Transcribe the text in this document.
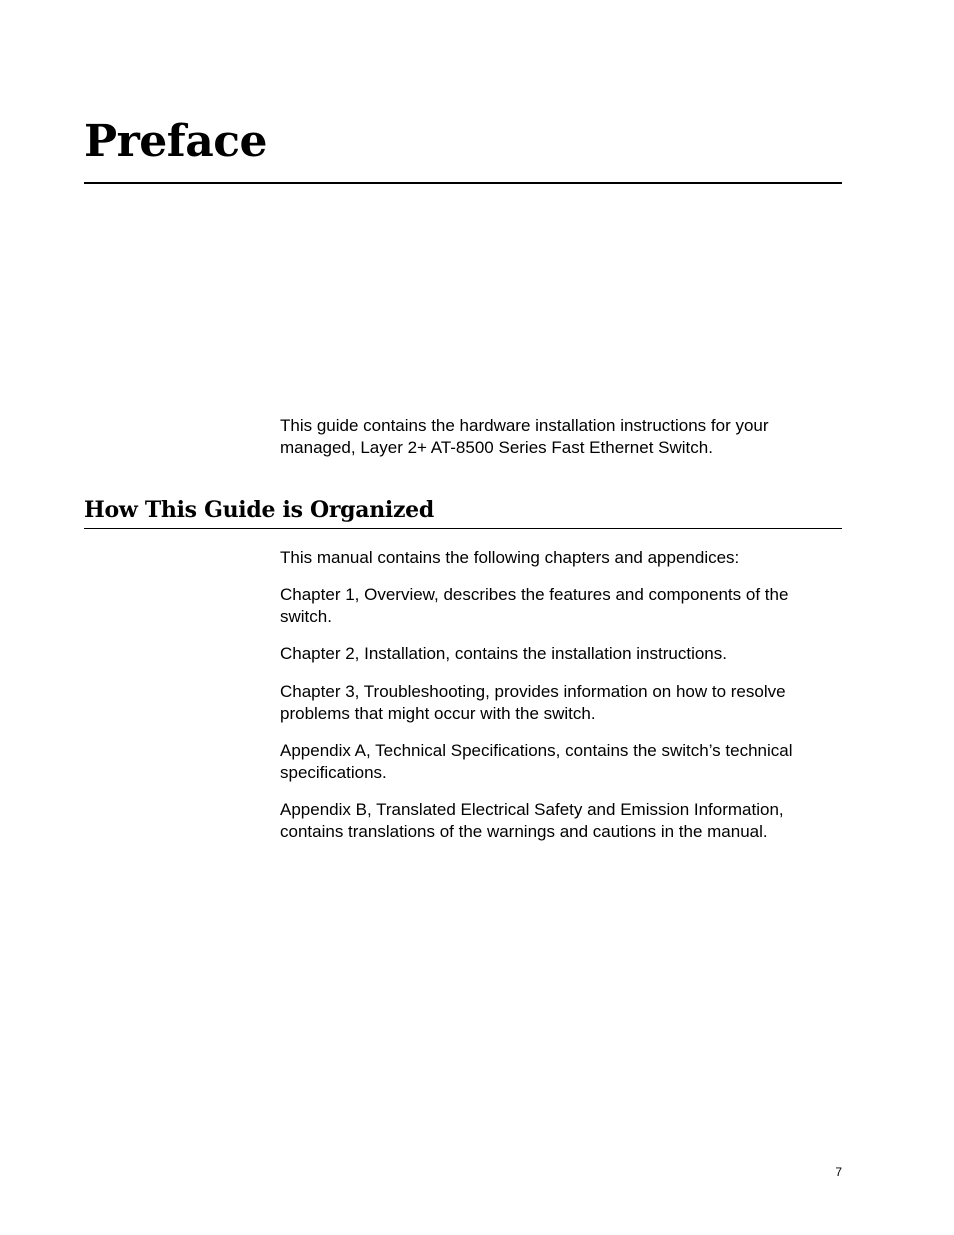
Preface

This guide contains the hardware installation instructions for your managed, Layer 2+ AT-8500 Series Fast Ethernet Switch.

How This Guide is Organized

This manual contains the following chapters and appendices:

Chapter 1, Overview, describes the features and components of the switch.

Chapter 2, Installation, contains the installation instructions.

Chapter 3, Troubleshooting, provides information on how to resolve problems that might occur with the switch.

Appendix A, Technical Specifications, contains the switch’s technical specifications.

Appendix B, Translated Electrical Safety and Emission Information, contains translations of the warnings and cautions in the manual.

7
